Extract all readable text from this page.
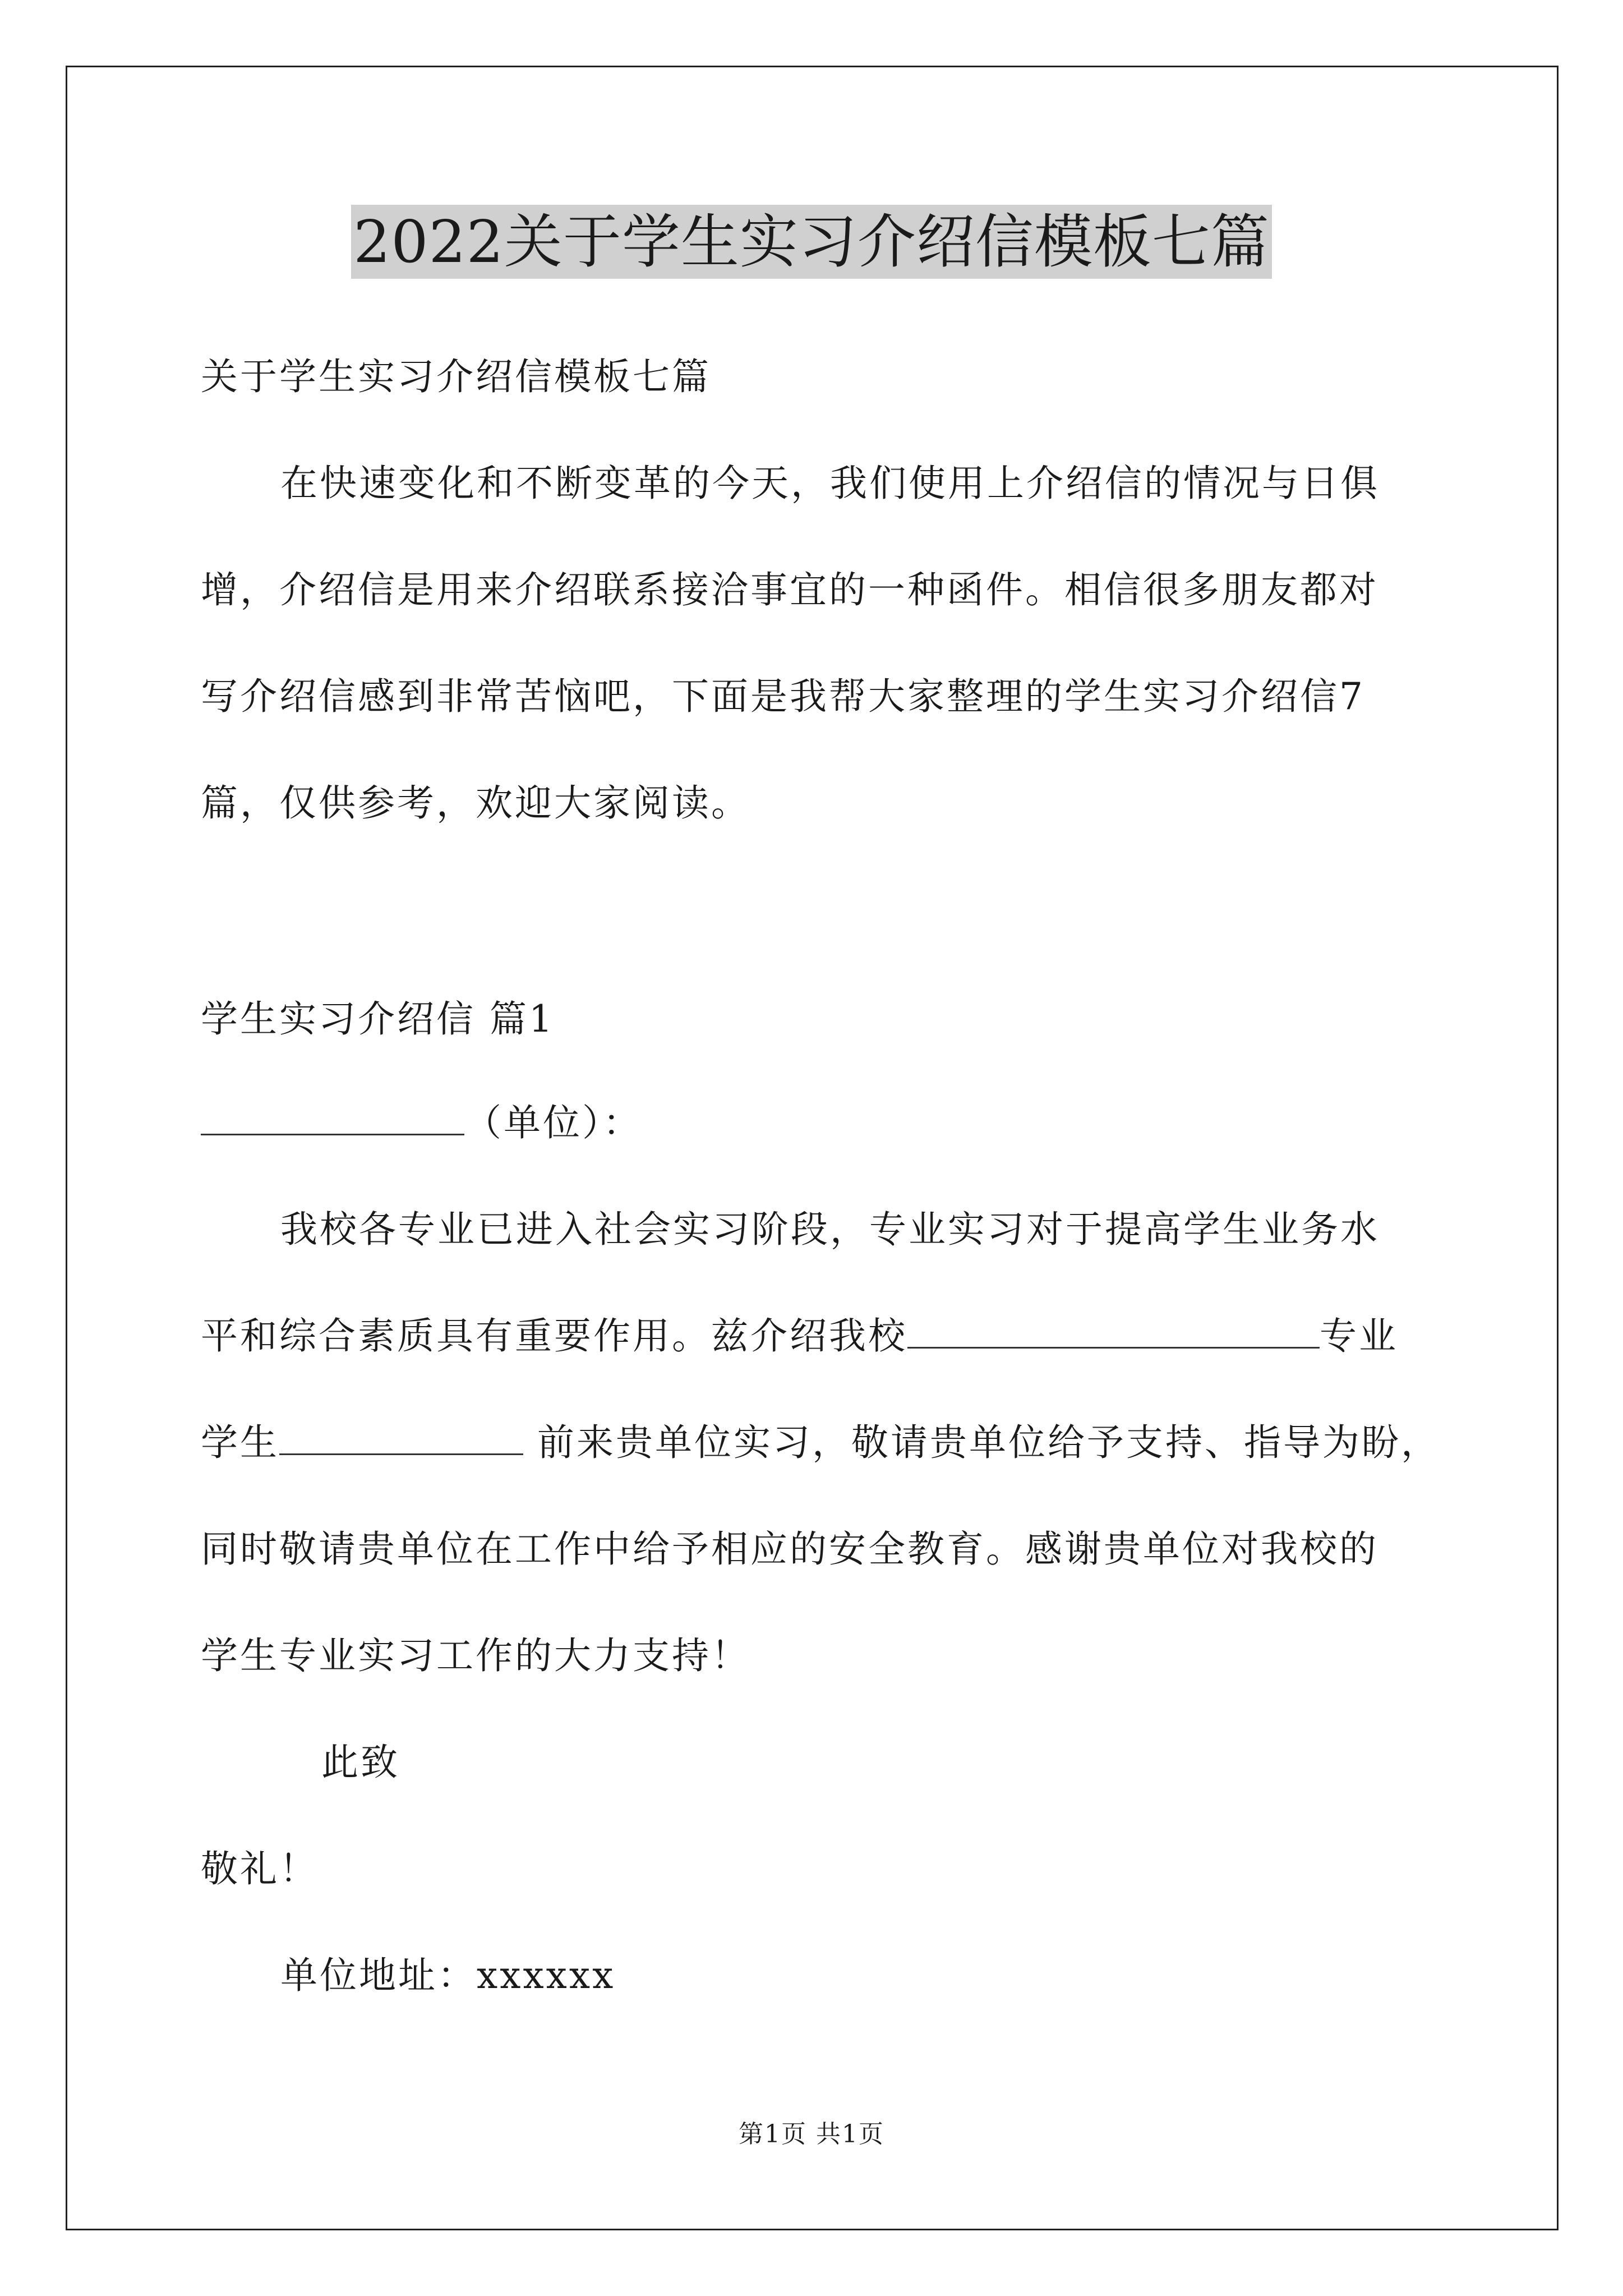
2022关于学生实习介绍信模板七篇
关于学生实习介绍信模板七篇
在快速变化和不断变革的今天，我们使用上介绍信的情况与日俱
增，介绍信是用来介绍联系接洽事宜的一种函件。相信很多朋友都对
写介绍信感到非常苦恼吧，下面是我帮大家整理的学生实习介绍信7
篇，仅供参考，欢迎大家阅读。
学生实习介绍信 篇1
（单位）：
我校各专业已进入社会实习阶段，专业实习对于提高学生业务水
平和综合素质具有重要作用。兹介绍我校	专业
学生	前来贵单位实习，敬请贵单位给予支持、指导为盼，
同时敬请贵单位在工作中给予相应的安全教育。感谢贵单位对我校的
学生专业实习工作的大力支持！
此致
敬礼！
单位地址：xxxxxx
第1页 共1页
